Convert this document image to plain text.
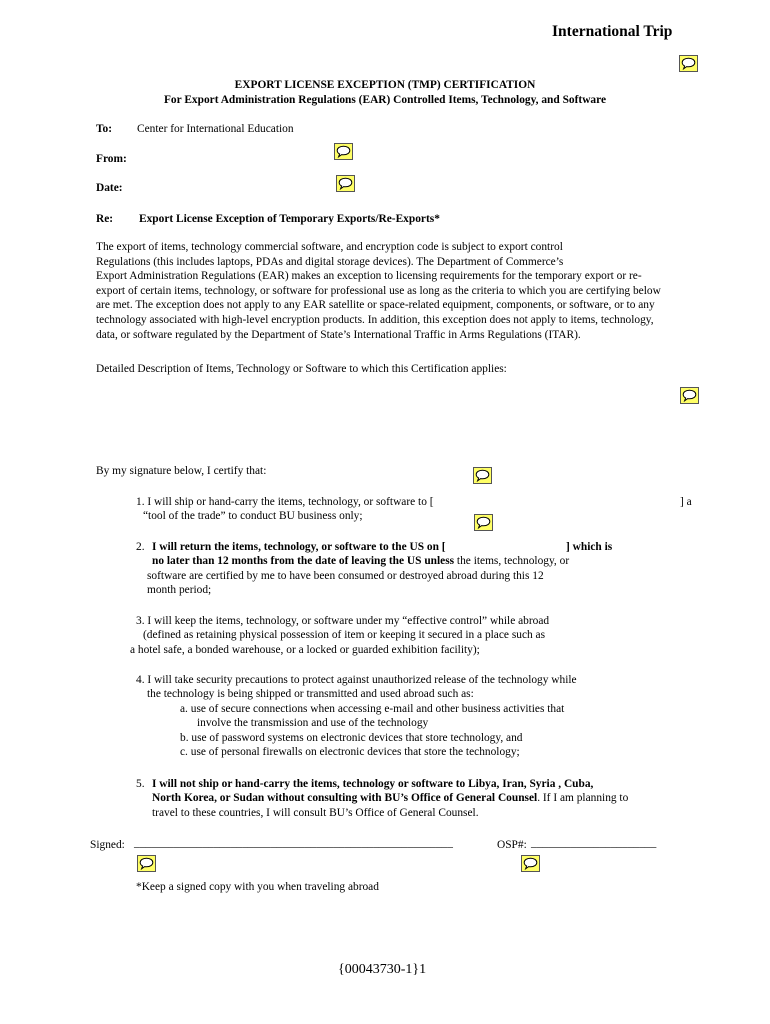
International Trip
EXPORT LICENSE EXCEPTION (TMP) CERTIFICATION
For Export Administration Regulations (EAR) Controlled Items, Technology, and Software
To: Center for International Education
From:
Date:
Re: Export License Exception of Temporary Exports/Re-Exports*
The export of items, technology commercial software, and encryption code is subject to export control
Regulations (this includes laptops, PDAs and digital storage devices). The Department of Commerce’s
Export Administration Regulations (EAR) makes an exception to licensing requirements for the temporary export or re-
export of certain items, technology, or software for professional use as long as the criteria to which you are certifying below
are met. The exception does not apply to any EAR satellite or space-related equipment, components, or software, or to any
technology associated with high-level encryption products. In addition, this exception does not apply to items, technology,
data, or software regulated by the Department of State’s International Traffic in Arms Regulations (ITAR).
Detailed Description of Items, Technology or Software to which this Certification applies:
By my signature below, I certify that:
1. I will ship or hand-carry the items, technology, or software to [	] a
“tool of the trade” to conduct BU business only;
2. I will return the items, technology, or software to the US on [	] which is
no later than 12 months from the date of leaving the US unless the items, technology, or
software are certified by me to have been consumed or destroyed abroad during this 12
month period;
3. I will keep the items, technology, or software under my “effective control” while abroad
(defined as retaining physical possession of item or keeping it secured in a place such as
a hotel safe, a bonded warehouse, or a locked or guarded exhibition facility);
4. I will take security precautions to protect against unauthorized release of the technology while
the technology is being shipped or transmitted and used abroad such as:
a. use of secure connections when accessing e-mail and other business activities that
involve the transmission and use of the technology
b. use of password systems on electronic devices that store technology, and
c. use of personal firewalls on electronic devices that store the technology;
5. I will not ship or hand-carry the items, technology or software to Libya, Iran, Syria , Cuba,
North Korea, or Sudan without consulting with BU’s Office of General Counsel. If I am planning to
travel to these countries, I will consult BU’s Office of General Counsel.
Signed: ________________________________________________________	OSP#: ______________________
*Keep a signed copy with you when traveling abroad
{00043730-1}1
